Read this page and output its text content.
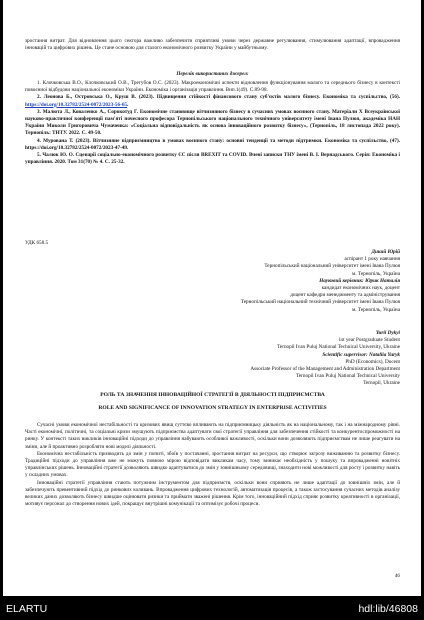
зростання витрат. Для відновлення цього сектора важливо забезпечити сприятливі умови через державне регулювання, стимулювання адаптації, впровадження інновацій та цифрових рішень. Це стане основою для сталого економічного розвитку України у майбутньому.
Перелік використаних джерел:

1. Клочковська В.О., Клочковський О.В., Трегубов О.С. (2023). Макроекономічні аспекти відновлення функціонування малого та середнього бізнесу в контексті повоєнної відбудови національної економіки України. Економіка і організація управління. Вип.1(49). С.89-98.

2. Леонова Б., Островська О., Круш В. (2023). Підвищення стійкості фінансового стану суб'єктів малого бізнесу. Економіка та суспільство, (56). https://doi.org/10.32782/2524-0072/2023-56-65.

3. Малюта Л., Коваленко А., Сорокотуд Г. Економічне становище вітчизняного бізнесу в сучасних умовах воєнного стану. Матеріали Х Всеукраїнської науково-практичної конференції пам'яті почесного професора Тернопільського національного технічного університету імені Івана Пулюя, академіка НАН України Миколи Григоровича Чумаченка: «Соціальна відповідальність як основа інноваційного розвитку бізнесу», (Тернопіль, 18 листопада 2022 року). Тернопіль: ТНТУ. 2022. С. 49-50.

4. Мурована Т. (2023). Вітчизняне підприємництво в умовах воєнного стану: основні тенденції та методи підтримки. Економіка та суспільство, (47). https://doi.org/10.32782/2524-0072/2023-47-49.

5. Чалюк Ю. О. Сценарії соціально-економічного розвитку ЄС після BREXIT та COVID. Вчені записки ТНУ імені В. І. Вернадського. Серія: Економіка і управління. 2020. Том 31(70) № 4. С. 25-32.

УДК 658.5

Дикий Юрій

аспірант 1 року навчання

Тернопільський національний університет імені Івана Пулюя

м. Тернопіль, Україна

Науковий керівник: Юрик Наталія

кандидат економічних наук, доцент

доцент кафедри менеджменту та адміністрування

Тернопільський національний технічний університет імені Івана Пулюя

м. Тернопіль, Україна

Yurii Dykyi

1st year Postgraduate Student

Ternopil Ivan Puluj National Technical University, Ukraine

Scientific supervisor: Nataliia Yuryk

PhD (Economics), Docent

Associate Professor of the Management and Administration Department

Ternopil Ivan Puluj National Technical University

Ternopil, Ukraine

РОЛЬ ТА ЗНАЧЕННЯ ІННОВАЦІЙНОЇ СТРАТЕГІЇ В ДІЯЛЬНОСТІ ПІДПРИЄМСТВА
ROLE AND SIGNIFICANCE OF INNOVATION STRATEGY IN ENTERPRISE ACTIVITIES

Сучасні умови економічної нестабільності та кризових явищ суттєво впливають на підприємницьку діяльність як на національному, так і на міжнародному рівні. Часті економічні, політичні, та соціальні кризи змушують підприємства адаптувати свої стратегії управління для забезпечення стійкості та конкурентоспроможності на ринку. У контексті таких викликів інноваційні підходи до управління набувають особливої важливості, оскільки вони дозволяють підприємствам не лише реагувати на зміни, але й проактивно розробляти нові моделі діяльності.

Економічна нестабільність призводить до змін у попиті, збоїв у постачанні, зростання витрат на ресурси, що створює загрозу виживанню та розвитку бізнесу. Традиційні підходи до управління вже не можуть повною мірою відповідати викликам часу, тому виникає необхідність у пошуку та впровадженні новітніх управлінських рішень. Інноваційні стратегії дозволяють швидко адаптуватися до змін у зовнішньому середовищі, знаходити нові можливості для росту і розвитку навіть у складних умовах.

Інноваційні стратегії управління стають потужним інструментом для підприємств, оскільки вони сприяють не лише адаптації до зовнішніх змін, але й забезпечують превентивний підхід до ринкових коливань. Впровадження цифрових технологій, автоматизація процесів, а також застосування сучасних методів аналізу великих даних дозволяють бізнесу швидше оцінювати ризики та приймати зважені рішення. Крім того, інноваційний підхід сприяє розвитку креативності в організації, мотивує персонал до створення нових ідей, покращує внутрішні комунікації та оптимізує робочі процеси.

46
ELARTU	hdl:lib/46808
